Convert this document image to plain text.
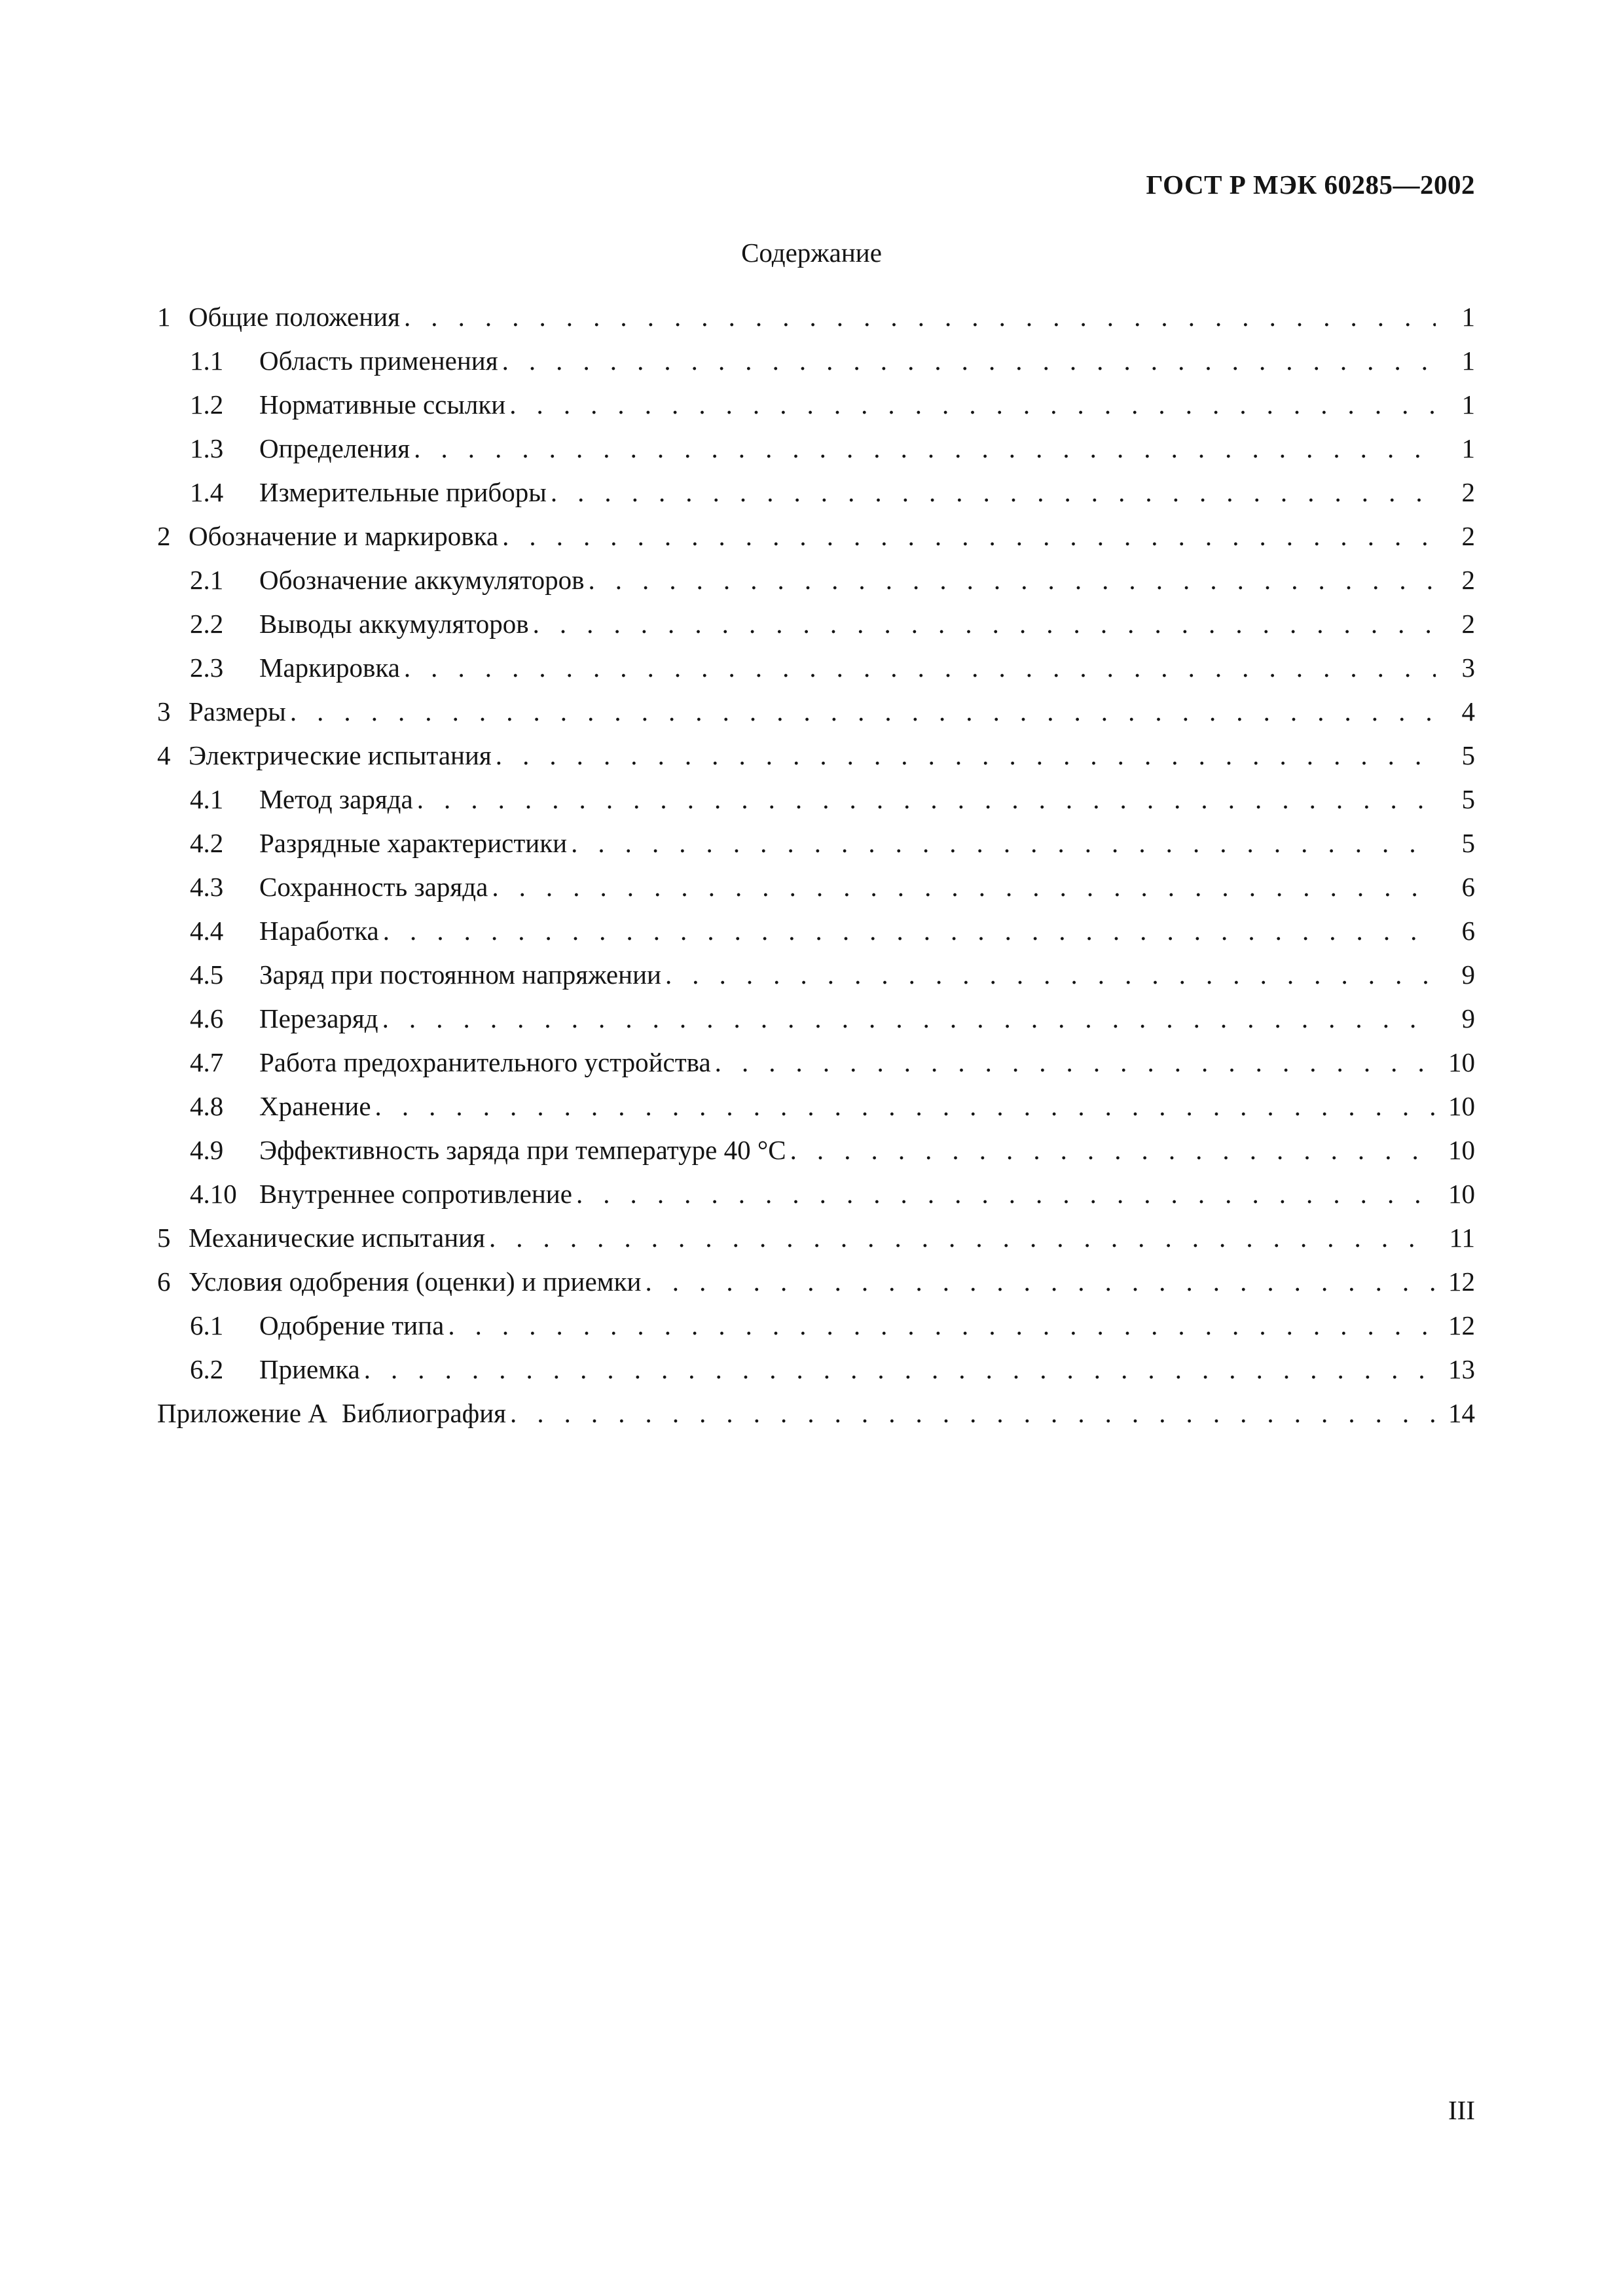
ГОСТ Р МЭК 60285—2002
Содержание
1 Общие положения . . .	1
1.1	Область применения . . .	1
1.2	Нормативные ссылки . . .	1
1.3	Определения . . .	1
1.4	Измерительные приборы . . .	2
2 Обозначение и маркировка . . .	2
2.1	Обозначение аккумуляторов . . .	2
2.2	Выводы аккумуляторов . . .	2
2.3	Маркировка . . .	3
3 Размеры . . .	4
4 Электрические испытания . . .	5
4.1	Метод заряда . . .	5
4.2	Разрядные характеристики . . .	5
4.3	Сохранность заряда . . .	6
4.4	Наработка . . .	6
4.5	Заряд при постоянном напряжении . . .	9
4.6	Перезаряд . . .	9
4.7	Работа предохранительного устройства . . .	10
4.8	Хранение . . .	10
4.9	Эффективность заряда при температуре 40 °С . . .	10
4.10 Внутреннее сопротивление . . .	10
5 Механические испытания . . .	11
6 Условия одобрения (оценки) и приемки . . .	12
6.1	Одобрение типа . . .	12
6.2	Приемка . . .	13
Приложение А Библиография . . .	14
III
